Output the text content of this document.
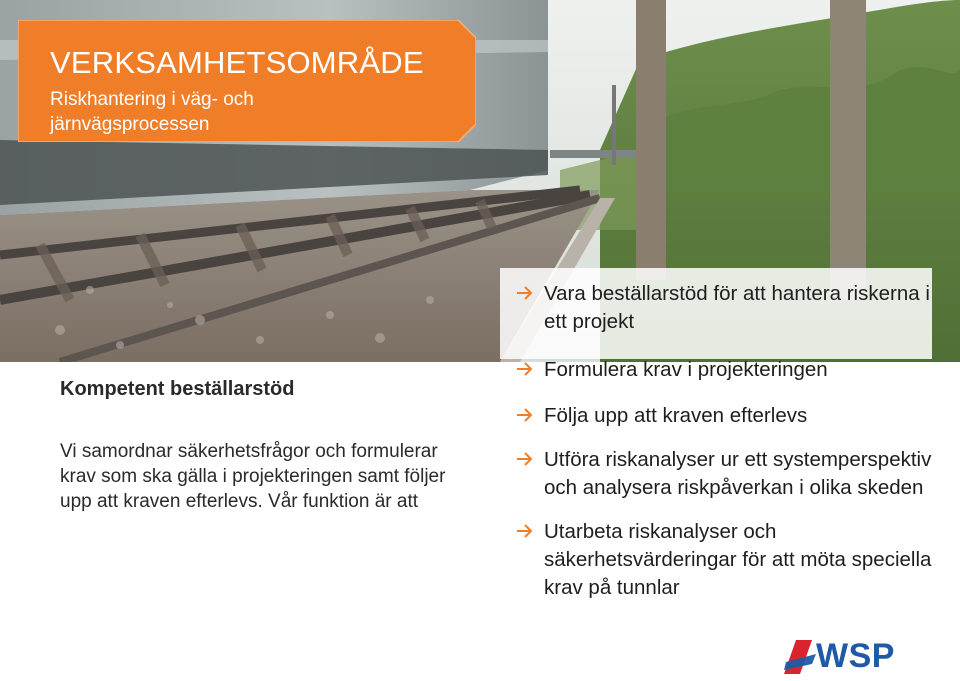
VERKSAMHETSOMRÅDE
Riskhantering i väg- och järnvägsprocessen
Kompetent beställarstöd
Vi samordnar säkerhetsfrågor och formulerar krav som ska gälla i projekteringen samt följer upp att kraven efterlevs. Vår funktion är att
Vara beställarstöd för att hantera riskerna i ett projekt
Formulera krav i projekteringen
Följa upp att kraven efterlevs
Utföra riskanalyser ur ett systemperspektiv och analysera riskpåverkan i olika skeden
Utarbeta riskanalyser och säkerhetsvärderingar för att möta speciella krav på tunnlar
WSP
